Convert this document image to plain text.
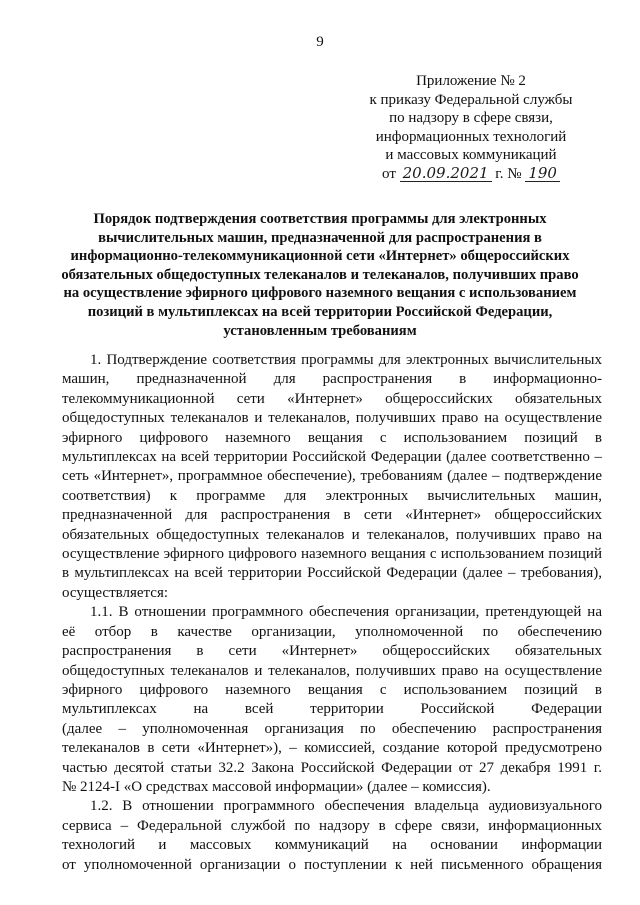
9
Приложение № 2
к приказу Федеральной службы
по надзору в сфере связи,
информационных технологий
и массовых коммуникаций
от 20.09.2021 г. № 190
Порядок подтверждения соответствия программы для электронных
вычислительных машин, предназначенной для распространения в
информационно-телекоммуникационной сети «Интернет» общероссийских
обязательных общедоступных телеканалов и телеканалов, получивших право
на осуществление эфирного цифрового наземного вещания с использованием
позиций в мультиплексах на всей территории Российской Федерации,
установленным требованиям
1. Подтверждение соответствия программы для электронных вычислительных
машин, предназначенной для распространения в информационно-
телекоммуникационной сети «Интернет» общероссийских обязательных
общедоступных телеканалов и телеканалов, получивших право на осуществление
эфирного цифрового наземного вещания с использованием позиций в
мультиплексах на всей территории Российской Федерации (далее соответственно –
сеть «Интернет», программное обеспечение), требованиям (далее – подтверждение
соответствия) к программе для электронных вычислительных машин,
предназначенной для распространения в сети «Интернет» общероссийских
обязательных общедоступных телеканалов и телеканалов, получивших право на
осуществление эфирного цифрового наземного вещания с использованием позиций
в мультиплексах на всей территории Российской Федерации (далее – требования),
осуществляется:
1.1. В отношении программного обеспечения организации, претендующей на
её отбор в качестве организации, уполномоченной по обеспечению
распространения в сети «Интернет» общероссийских обязательных
общедоступных телеканалов и телеканалов, получивших право на осуществление
эфирного цифрового наземного вещания с использованием позиций в
мультиплексах на всей территории Российской Федерации
(далее – уполномоченная организация по обеспечению распространения
телеканалов в сети «Интернет»), – комиссией, создание которой предусмотрено
частью десятой статьи 32.2 Закона Российской Федерации от 27 декабря 1991 г.
№ 2124-I «О средствах массовой информации» (далее – комиссия).
1.2. В отношении программного обеспечения владельца аудиовизуального
сервиса – Федеральной службой по надзору в сфере связи, информационных
технологий и массовых коммуникаций на основании информации
от уполномоченной организации о поступлении к ней письменного обращения
